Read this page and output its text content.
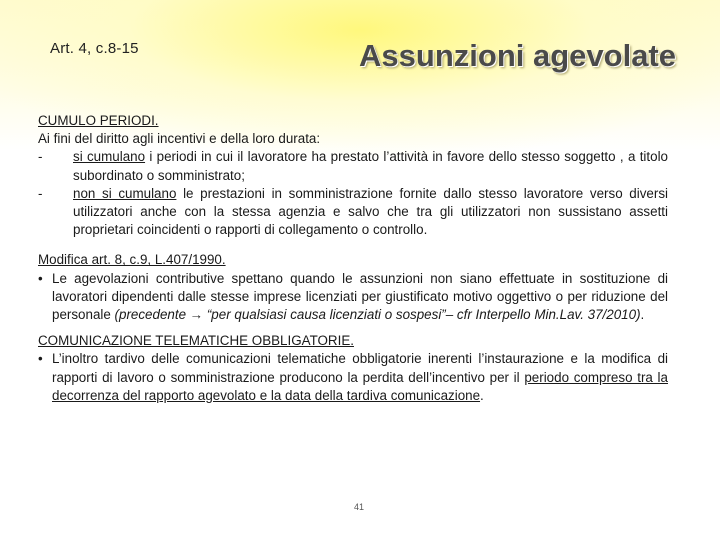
Art. 4, c.8-15	Assunzioni agevolate

CUMULO PERIODI.

Ai fini del diritto agli incentivi e della loro durata:

- si cumulano i periodi in cui il lavoratore ha prestato l’attività in favore dello stesso soggetto , a titolo subordinato o somministrato;
- non si cumulano le prestazioni in somministrazione fornite dallo stesso lavoratore verso diversi utilizzatori anche con la stessa agenzia e salvo che tra gli utilizzatori non sussistano assetti proprietari coincidenti o rapporti di collegamento o controllo.

Modifica art. 8, c.9, L.407/1990.

• Le agevolazioni contributive spettano quando le assunzioni non siano effettuate in sostituzione di lavoratori dipendenti dalle stesse imprese licenziati per giustificato motivo oggettivo o per riduzione del personale (precedente → “per qualsiasi causa licenziati o sospesi”– cfr Interpello Min.Lav. 37/2010).

COMUNICAZIONE TELEMATICHE OBBLIGATORIE.

• L’inoltro tardivo delle comunicazioni telematiche obbligatorie inerenti l’instaurazione e la modifica di rapporti di lavoro o somministrazione producono la perdita dell’incentivo per il periodo compreso tra la decorrenza del rapporto agevolato e la data della tardiva comunicazione.
41
